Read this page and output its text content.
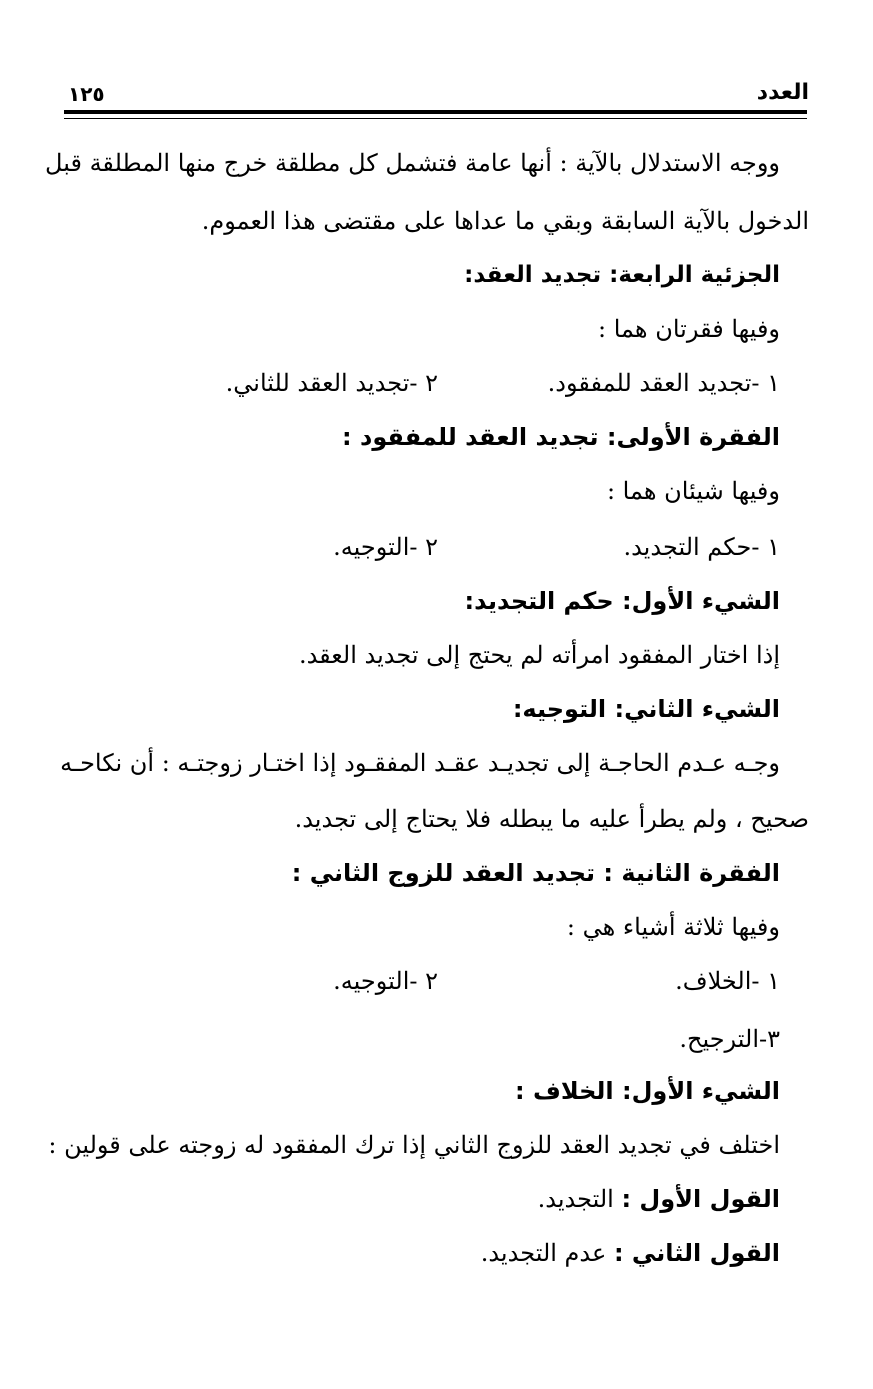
١٢٥	العدد
ووجه الاستدلال بالآية : أنها عامة فتشمل كل مطلقة خرج منها المطلقة قبل
الدخول بالآية السابقة وبقي ما عداها على مقتضى هذا العموم.
الجزئية الرابعة: تجديد العقد:
وفيها فقرتان هما :
١ -تجديد العقد للمفقود.
٢ -تجديد العقد للثاني.
الفقرة الأولى: تجديد العقد للمفقود :
وفيها شيئان هما :
١ -حكم التجديد.
٢ -التوجيه.
الشيء الأول: حكم التجديد:
إذا اختار المفقود امرأته لم يحتج إلى تجديد العقد.
الشيء الثاني: التوجيه:
وجـه عـدم الحاجـة إلى تجديـد عقـد المفقـود إذا اختـار زوجتـه : أن نكاحـه
صحيح ، ولم يطرأ عليه ما يبطله فلا يحتاج إلى تجديد.
الفقرة الثانية : تجديد العقد للزوج الثاني :
وفيها ثلاثة أشياء هي :
١ -الخلاف.
٢ -التوجيه.
٣-الترجيح.
الشيء الأول: الخلاف :
اختلف في تجديد العقد للزوج الثاني إذا ترك المفقود له زوجته على قولين :
القول الأول : التجديد.
القول الثاني : عدم التجديد.
